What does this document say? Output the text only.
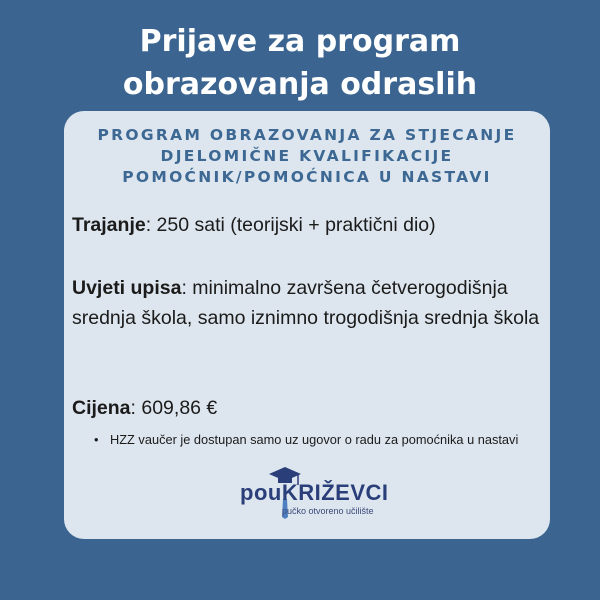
Prijave za program
obrazovanja odraslih
PROGRAM OBRAZOVANJA ZA STJECANJE
DJELOMIČNE KVALIFIKACIJE
POMOĆNIK/POMOĆNICA U NASTAVI
Trajanje: 250 sati (teorijski + praktični dio)
Uvjeti upisa: minimalno završena četverogodišnja srednja škola, samo iznimno trogodišnja srednja škola
Cijena: 609,86 €
• HZZ vaučer je dostupan samo uz ugovor o radu za pomoćnika u nastavi
pouKRIŽEVCI
pučko otvoreno učilište
